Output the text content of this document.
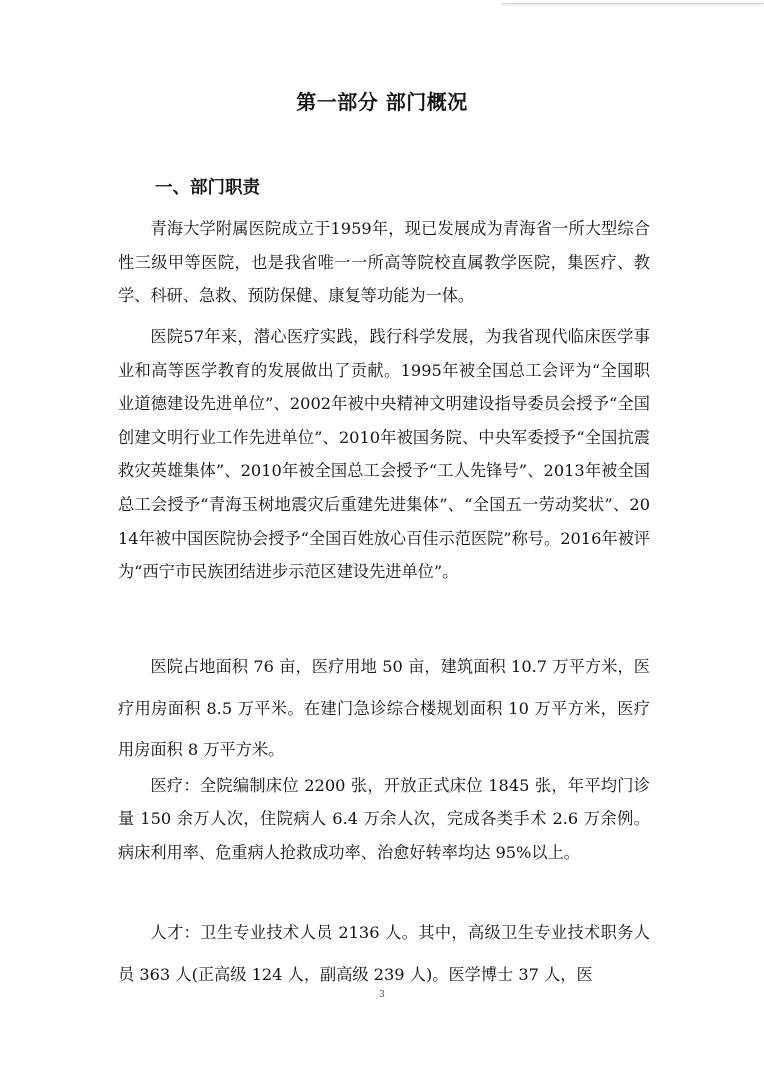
第一部分 部门概况
一、部门职责

青海大学附属医院成立于1959年，现已发展成为青海省一所大型综合性三级甲等医院，也是我省唯一一所高等院校直属教学医院，集医疗、教学、科研、急救、预防保健、康复等功能为一体。

医院57年来，潜心医疗实践，践行科学发展，为我省现代临床医学事业和高等医学教育的发展做出了贡献。1995年被全国总工会评为“全国职业道德建设先进单位”、2002年被中央精神文明建设指导委员会授予“全国创建文明行业工作先进单位”、2010年被国务院、中央军委授予“全国抗震救灾英雄集体”、2010年被全国总工会授予“工人先锋号”、2013年被全国总工会授予“青海玉树地震灾后重建先进集体”、“全国五一劳动奖状”、2014年被中国医院协会授予“全国百姓放心百佳示范医院”称号。2016年被评为“西宁市民族团结进步示范区建设先进单位”。

医院占地面积 76 亩，医疗用地 50 亩，建筑面积 10.7 万平方米，医疗用房面积 8.5 万平米。在建门急诊综合楼规划面积 10 万平方米，医疗用房面积 8 万平方米。

医疗：全院编制床位 2200 张，开放正式床位 1845 张，年平均门诊量 150 余万人次，住院病人 6.4 万余人次，完成各类手术 2.6 万余例。病床利用率、危重病人抢救成功率、治愈好转率均达 95%以上。

人才：卫生专业技术人员 2136 人。其中，高级卫生专业技术职务人员 363 人(正高级 124 人，副高级 239 人)。医学博士 37 人，医

3
